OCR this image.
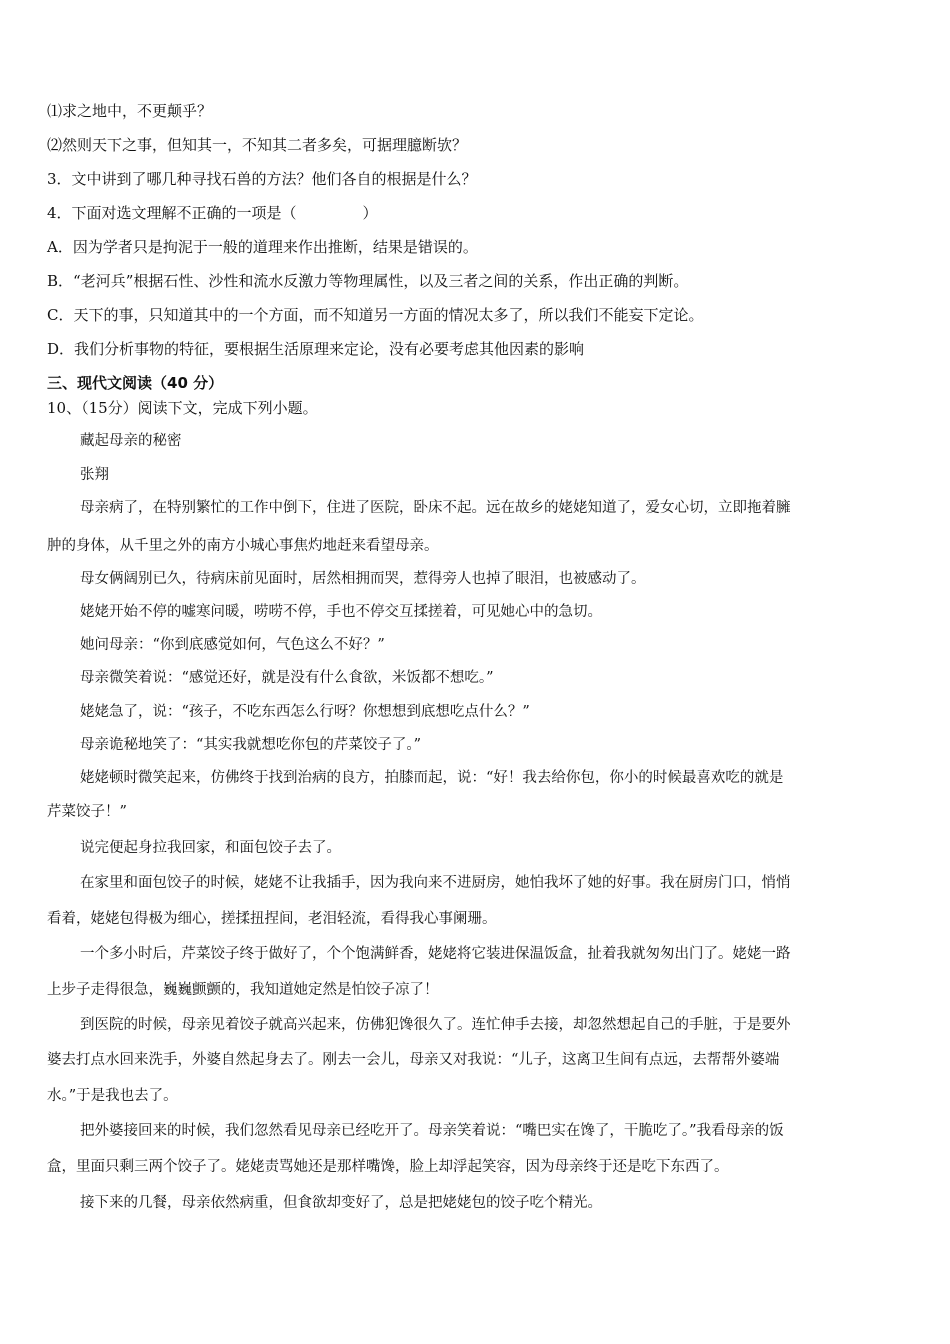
⑴求之地中，不更颠乎？
⑵然则天下之事，但知其一，不知其二者多矣，可据理臆断欤？
3．文中讲到了哪几种寻找石兽的方法？他们各自的根据是什么？
4．下面对选文理解不正确的一项是（	）
A．因为学者只是拘泥于一般的道理来作出推断，结果是错误的。
B．“老河兵”根据石性、沙性和流水反激力等物理属性，以及三者之间的关系，作出正确的判断。
C．天下的事，只知道其中的一个方面，而不知道另一方面的情况太多了，所以我们不能妄下定论。
D．我们分析事物的特征，要根据生活原理来定论，没有必要考虑其他因素的影响
三、现代文阅读（40 分）
10、（15分）阅读下文，完成下列小题。
藏起母亲的秘密
张翔
母亲病了，在特别繁忙的工作中倒下，住进了医院，卧床不起。远在故乡的姥姥知道了，爱女心切，立即拖着臃
肿的身体，从千里之外的南方小城心事焦灼地赶来看望母亲。
母女俩阔别已久，待病床前见面时，居然相拥而哭，惹得旁人也掉了眼泪，也被感动了。
姥姥开始不停的嘘寒问暖，唠唠不停，手也不停交互揉搓着，可见她心中的急切。
她问母亲：“你到底感觉如何，气色这么不好？”
母亲微笑着说：“感觉还好，就是没有什么食欲，米饭都不想吃。”
姥姥急了，说：“孩子，不吃东西怎么行呀？你想想到底想吃点什么？”
母亲诡秘地笑了：“其实我就想吃你包的芹菜饺子了。”
姥姥顿时微笑起来，仿佛终于找到治病的良方，拍膝而起，说：“好！我去给你包，你小的时候最喜欢吃的就是
芹菜饺子！”
说完便起身拉我回家，和面包饺子去了。
在家里和面包饺子的时候，姥姥不让我插手，因为我向来不进厨房，她怕我坏了她的好事。我在厨房门口，悄悄
看着，姥姥包得极为细心，搓揉扭捏间，老泪轻流，看得我心事阑珊。
一个多小时后，芹菜饺子终于做好了，个个饱满鲜香，姥姥将它装进保温饭盒，扯着我就匆匆出门了。姥姥一路
上步子走得很急，巍巍颤颤的，我知道她定然是怕饺子凉了！
到医院的时候，母亲见着饺子就高兴起来，仿佛犯馋很久了。连忙伸手去接，却忽然想起自己的手脏，于是要外
婆去打点水回来洗手，外婆自然起身去了。刚去一会儿，母亲又对我说：“儿子，这离卫生间有点远，去帮帮外婆端
水。”于是我也去了。
把外婆接回来的时候，我们忽然看见母亲已经吃开了。母亲笑着说：“嘴巴实在馋了，干脆吃了。”我看母亲的饭
盒，里面只剩三两个饺子了。姥姥责骂她还是那样嘴馋，脸上却浮起笑容，因为母亲终于还是吃下东西了。
接下来的几餐，母亲依然病重，但食欲却变好了，总是把姥姥包的饺子吃个精光。
